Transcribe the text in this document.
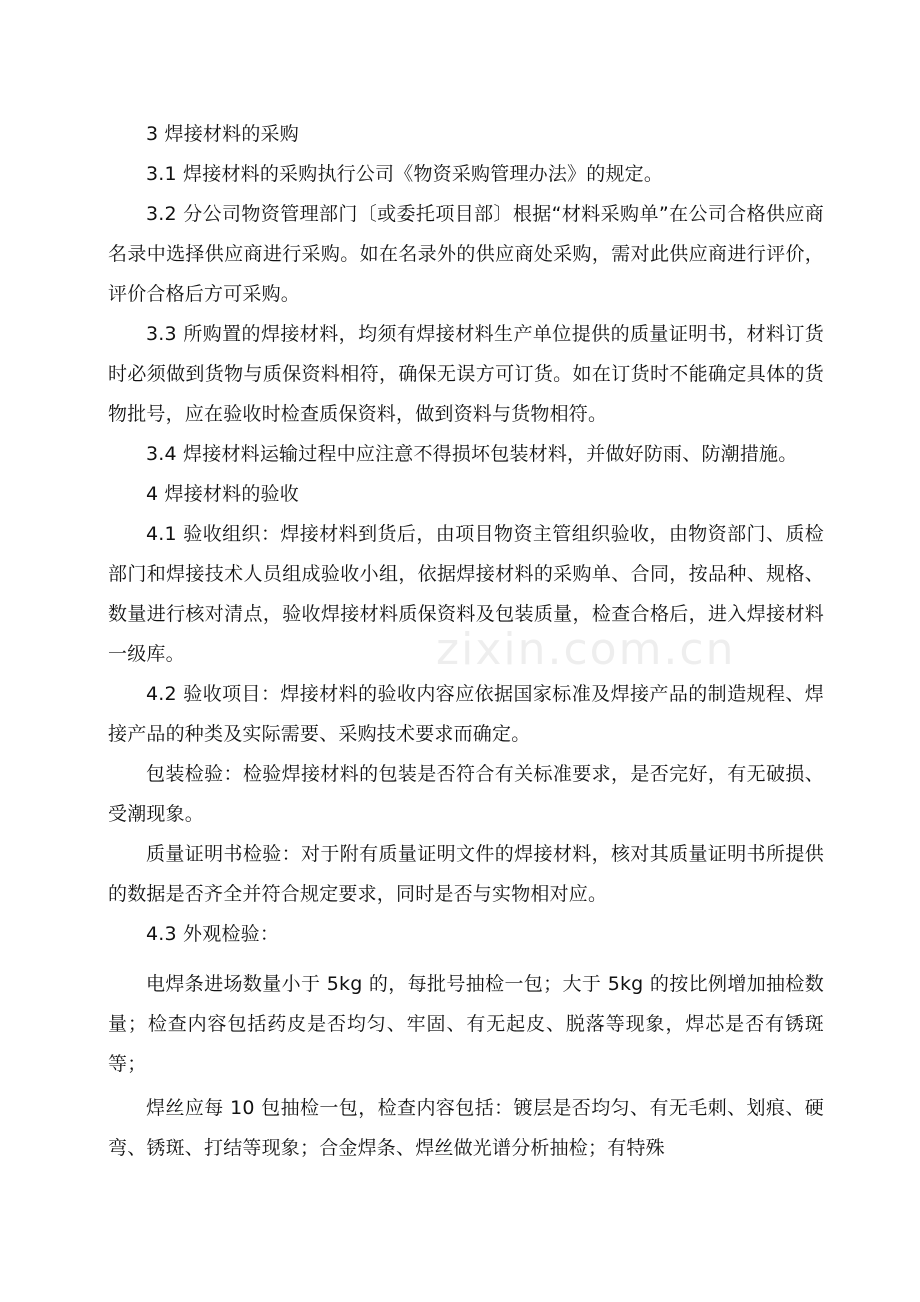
zixin.com.cn

3 焊接材料的采购

3.1 焊接材料的采购执行公司《物资采购管理办法》的规定。

3.2 分公司物资管理部门〔或委托项目部〕根据“材料采购单”在公司合格供应商名录中选择供应商进行采购。如在名录外的供应商处采购，需对此供应商进行评价，评价合格后方可采购。

3.3 所购置的焊接材料，均须有焊接材料生产单位提供的质量证明书，材料订货时必须做到货物与质保资料相符，确保无误方可订货。如在订货时不能确定具体的货物批号，应在验收时检查质保资料，做到资料与货物相符。

3.4 焊接材料运输过程中应注意不得损坏包装材料，并做好防雨、防潮措施。

4 焊接材料的验收

4.1 验收组织：焊接材料到货后，由项目物资主管组织验收，由物资部门、质检部门和焊接技术人员组成验收小组，依据焊接材料的采购单、合同，按品种、规格、数量进行核对清点，验收焊接材料质保资料及包装质量，检查合格后，进入焊接材料一级库。

4.2 验收项目：焊接材料的验收内容应依据国家标准及焊接产品的制造规程、焊接产品的种类及实际需要、采购技术要求而确定。

包装检验：检验焊接材料的包装是否符合有关标准要求，是否完好，有无破损、受潮现象。

质量证明书检验：对于附有质量证明文件的焊接材料，核对其质量证明书所提供的数据是否齐全并符合规定要求，同时是否与实物相对应。

4.3 外观检验：

电焊条进场数量小于 5kg 的，每批号抽检一包；大于 5kg 的按比例增加抽检数量；检查内容包括药皮是否均匀、牢固、有无起皮、脱落等现象，焊芯是否有锈斑等；

焊丝应每 10 包抽检一包，检查内容包括：镀层是否均匀、有无毛刺、划痕、硬弯、锈斑、打结等现象；合金焊条、焊丝做光谱分析抽检；有特殊
